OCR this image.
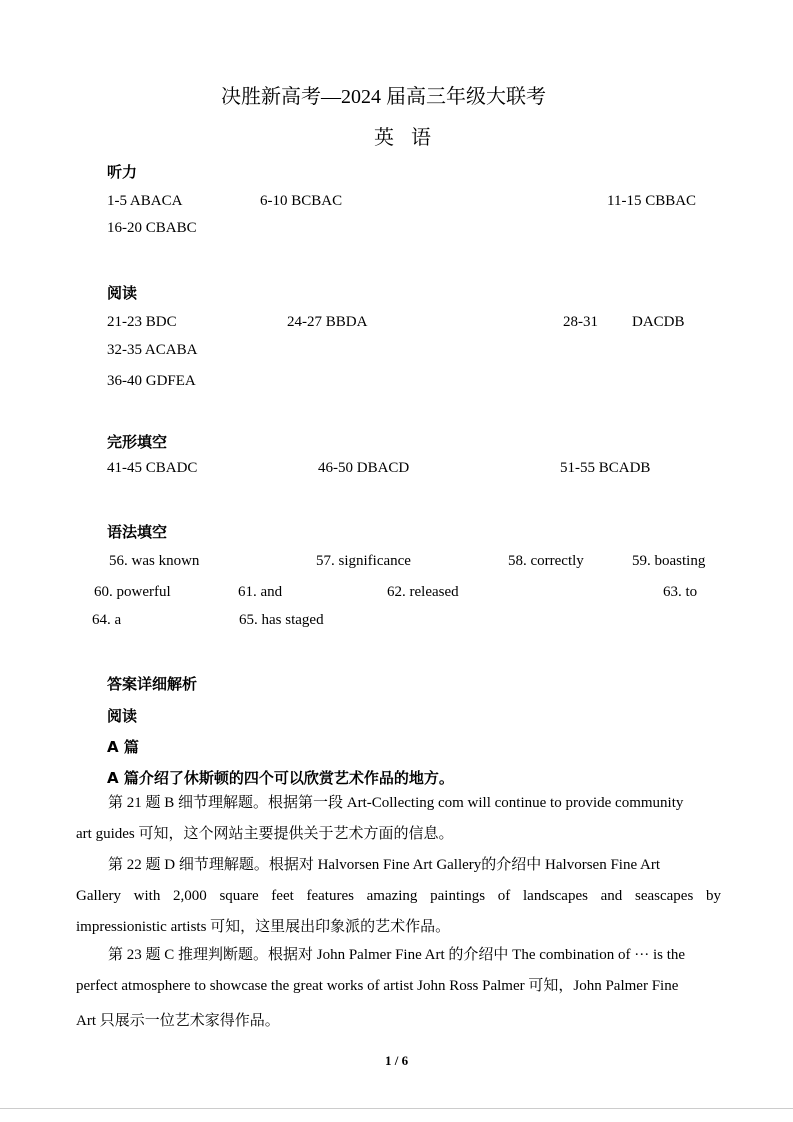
决胜新高考—2024 届高三年级大联考
英 语
听力
1-5 ABACA	6-10 BCBAC	11-15 CBBAC
16-20 CBABC
阅读
21-23 BDC	24-27 BBDA	28-31 DACDB
32-35 ACABA
36-40 GDFEA
完形填空
41-45 CBADC	46-50 DBACD	51-55 BCADB
语法填空
56. was known	57. significance	58. correctly	59. boasting
60. powerful	61. and	62. released	63. to
64. a	65. has staged
答案详细解析
阅读
A 篇
A 篇介绍了休斯顿的四个可以欣赏艺术作品的地方。
第 21 题 B 细节理解题。根据第一段 Art-Collecting com will continue to provide community
art guides 可知，这个网站主要提供关于艺术方面的信息。
第 22 题 D 细节理解题。根据对 Halvorsen Fine Art Gallery的介绍中 Halvorsen Fine Art
Gallery with 2,000 square feet features amazing paintings of landscapes and seascapes by
impressionistic artists 可知，这里展出印象派的艺术作品。
第 23 题 C 推理判断题。根据对 John Palmer Fine Art 的介绍中 The combination of ··· is the
perfect atmosphere to showcase the great works of artist John Ross Palmer 可知，John Palmer Fine
Art 只展示一位艺术家得作品。
1 / 6
